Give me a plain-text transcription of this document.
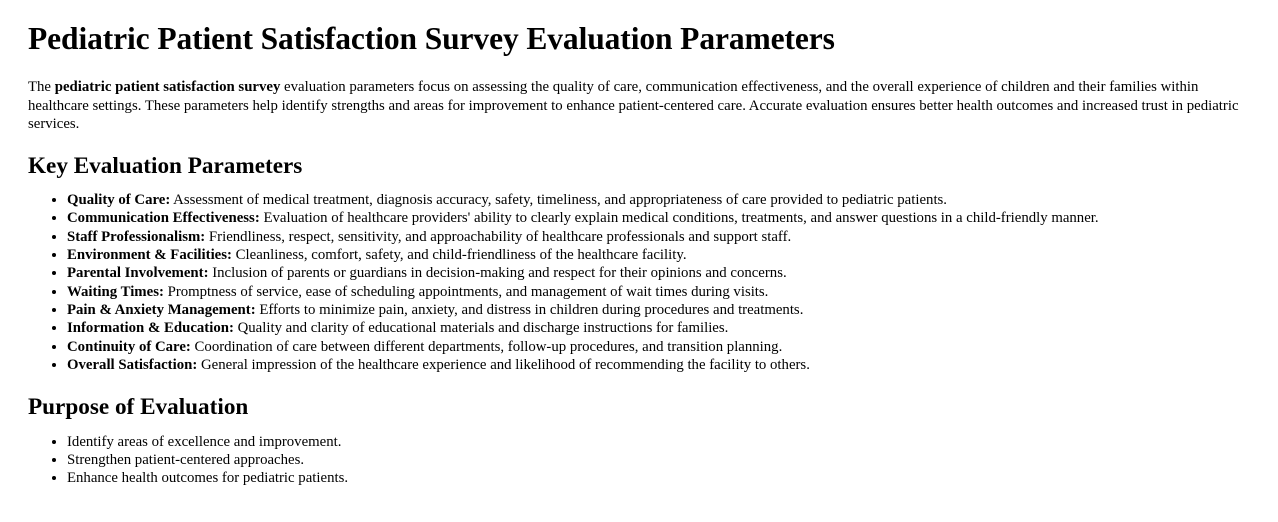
Pediatric Patient Satisfaction Survey Evaluation Parameters

The pediatric patient satisfaction survey evaluation parameters focus on assessing the quality of care, communication effectiveness, and the overall experience of children and their families within healthcare settings. These parameters help identify strengths and areas for improvement to enhance patient-centered care. Accurate evaluation ensures better health outcomes and increased trust in pediatric services.

Key Evaluation Parameters
• Quality of Care: Assessment of medical treatment, diagnosis accuracy, safety, timeliness, and appropriateness of care provided to pediatric patients.
• Communication Effectiveness: Evaluation of healthcare providers' ability to clearly explain medical conditions, treatments, and answer questions in a child-friendly manner.
• Staff Professionalism: Friendliness, respect, sensitivity, and approachability of healthcare professionals and support staff.
• Environment & Facilities: Cleanliness, comfort, safety, and child-friendliness of the healthcare facility.
• Parental Involvement: Inclusion of parents or guardians in decision-making and respect for their opinions and concerns.
• Waiting Times: Promptness of service, ease of scheduling appointments, and management of wait times during visits.
• Pain & Anxiety Management: Efforts to minimize pain, anxiety, and distress in children during procedures and treatments.
• Information & Education: Quality and clarity of educational materials and discharge instructions for families.
• Continuity of Care: Coordination of care between different departments, follow-up procedures, and transition planning.
• Overall Satisfaction: General impression of the healthcare experience and likelihood of recommending the facility to others.
Purpose of Evaluation
• Identify areas of excellence and improvement.
• Strengthen patient-centered approaches.
• Enhance health outcomes for pediatric patients.
